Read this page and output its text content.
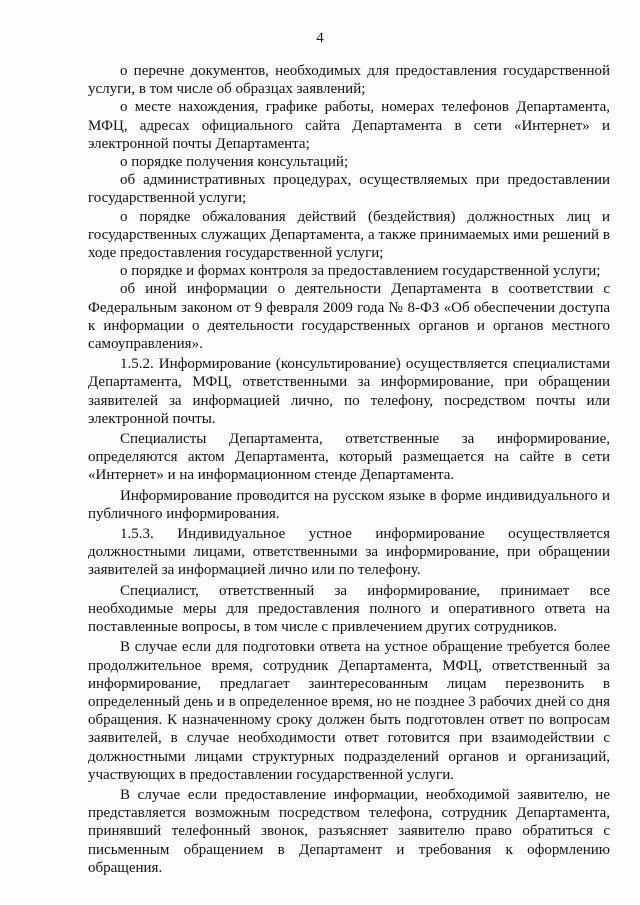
4

о перечне документов, необходимых для предоставления государственной услуги, в том числе об образцах заявлений;

о месте нахождения, графике работы, номерах телефонов Департамента, МФЦ, адресах официального сайта Департамента в сети «Интернет» и электронной почты Департамента;

о порядке получения консультаций;

об административных процедурах, осуществляемых при предоставлении государственной услуги;

о порядке обжалования действий (бездействия) должностных лиц и государственных служащих Департамента, а также принимаемых ими решений в ходе предоставления государственной услуги;

о порядке и формах контроля за предоставлением государственной услуги;

об иной информации о деятельности Департамента в соответствии с Федеральным законом от 9 февраля 2009 года № 8-ФЗ «Об обеспечении доступа к информации о деятельности государственных органов и органов местного самоуправления».

1.5.2. Информирование (консультирование) осуществляется специалистами Департамента, МФЦ, ответственными за информирование, при обращении заявителей за информацией лично, по телефону, посредством почты или электронной почты.

Специалисты Департамента, ответственные за информирование, определяются актом Департамента, который размещается на сайте в сети «Интернет» и на информационном стенде Департамента.

Информирование проводится на русском языке в форме индивидуального и публичного информирования.

1.5.3. Индивидуальное устное информирование осуществляется должностными лицами, ответственными за информирование, при обращении заявителей за информацией лично или по телефону.

Специалист, ответственный за информирование, принимает все необходимые меры для предоставления полного и оперативного ответа на поставленные вопросы, в том числе с привлечением других сотрудников.

В случае если для подготовки ответа на устное обращение требуется более продолжительное время, сотрудник Департамента, МФЦ, ответственный за информирование, предлагает заинтересованным лицам перезвонить в определенный день и в определенное время, но не позднее 3 рабочих дней со дня обращения. К назначенному сроку должен быть подготовлен ответ по вопросам заявителей, в случае необходимости ответ готовится при взаимодействии с должностными лицами структурных подразделений органов и организаций, участвующих в предоставлении государственной услуги.

В случае если предоставление информации, необходимой заявителю, не представляется возможным посредством телефона, сотрудник Департамента, принявший телефонный звонок, разъясняет заявителю право обратиться с письменным обращением в Департамент и требования к оформлению обращения.
